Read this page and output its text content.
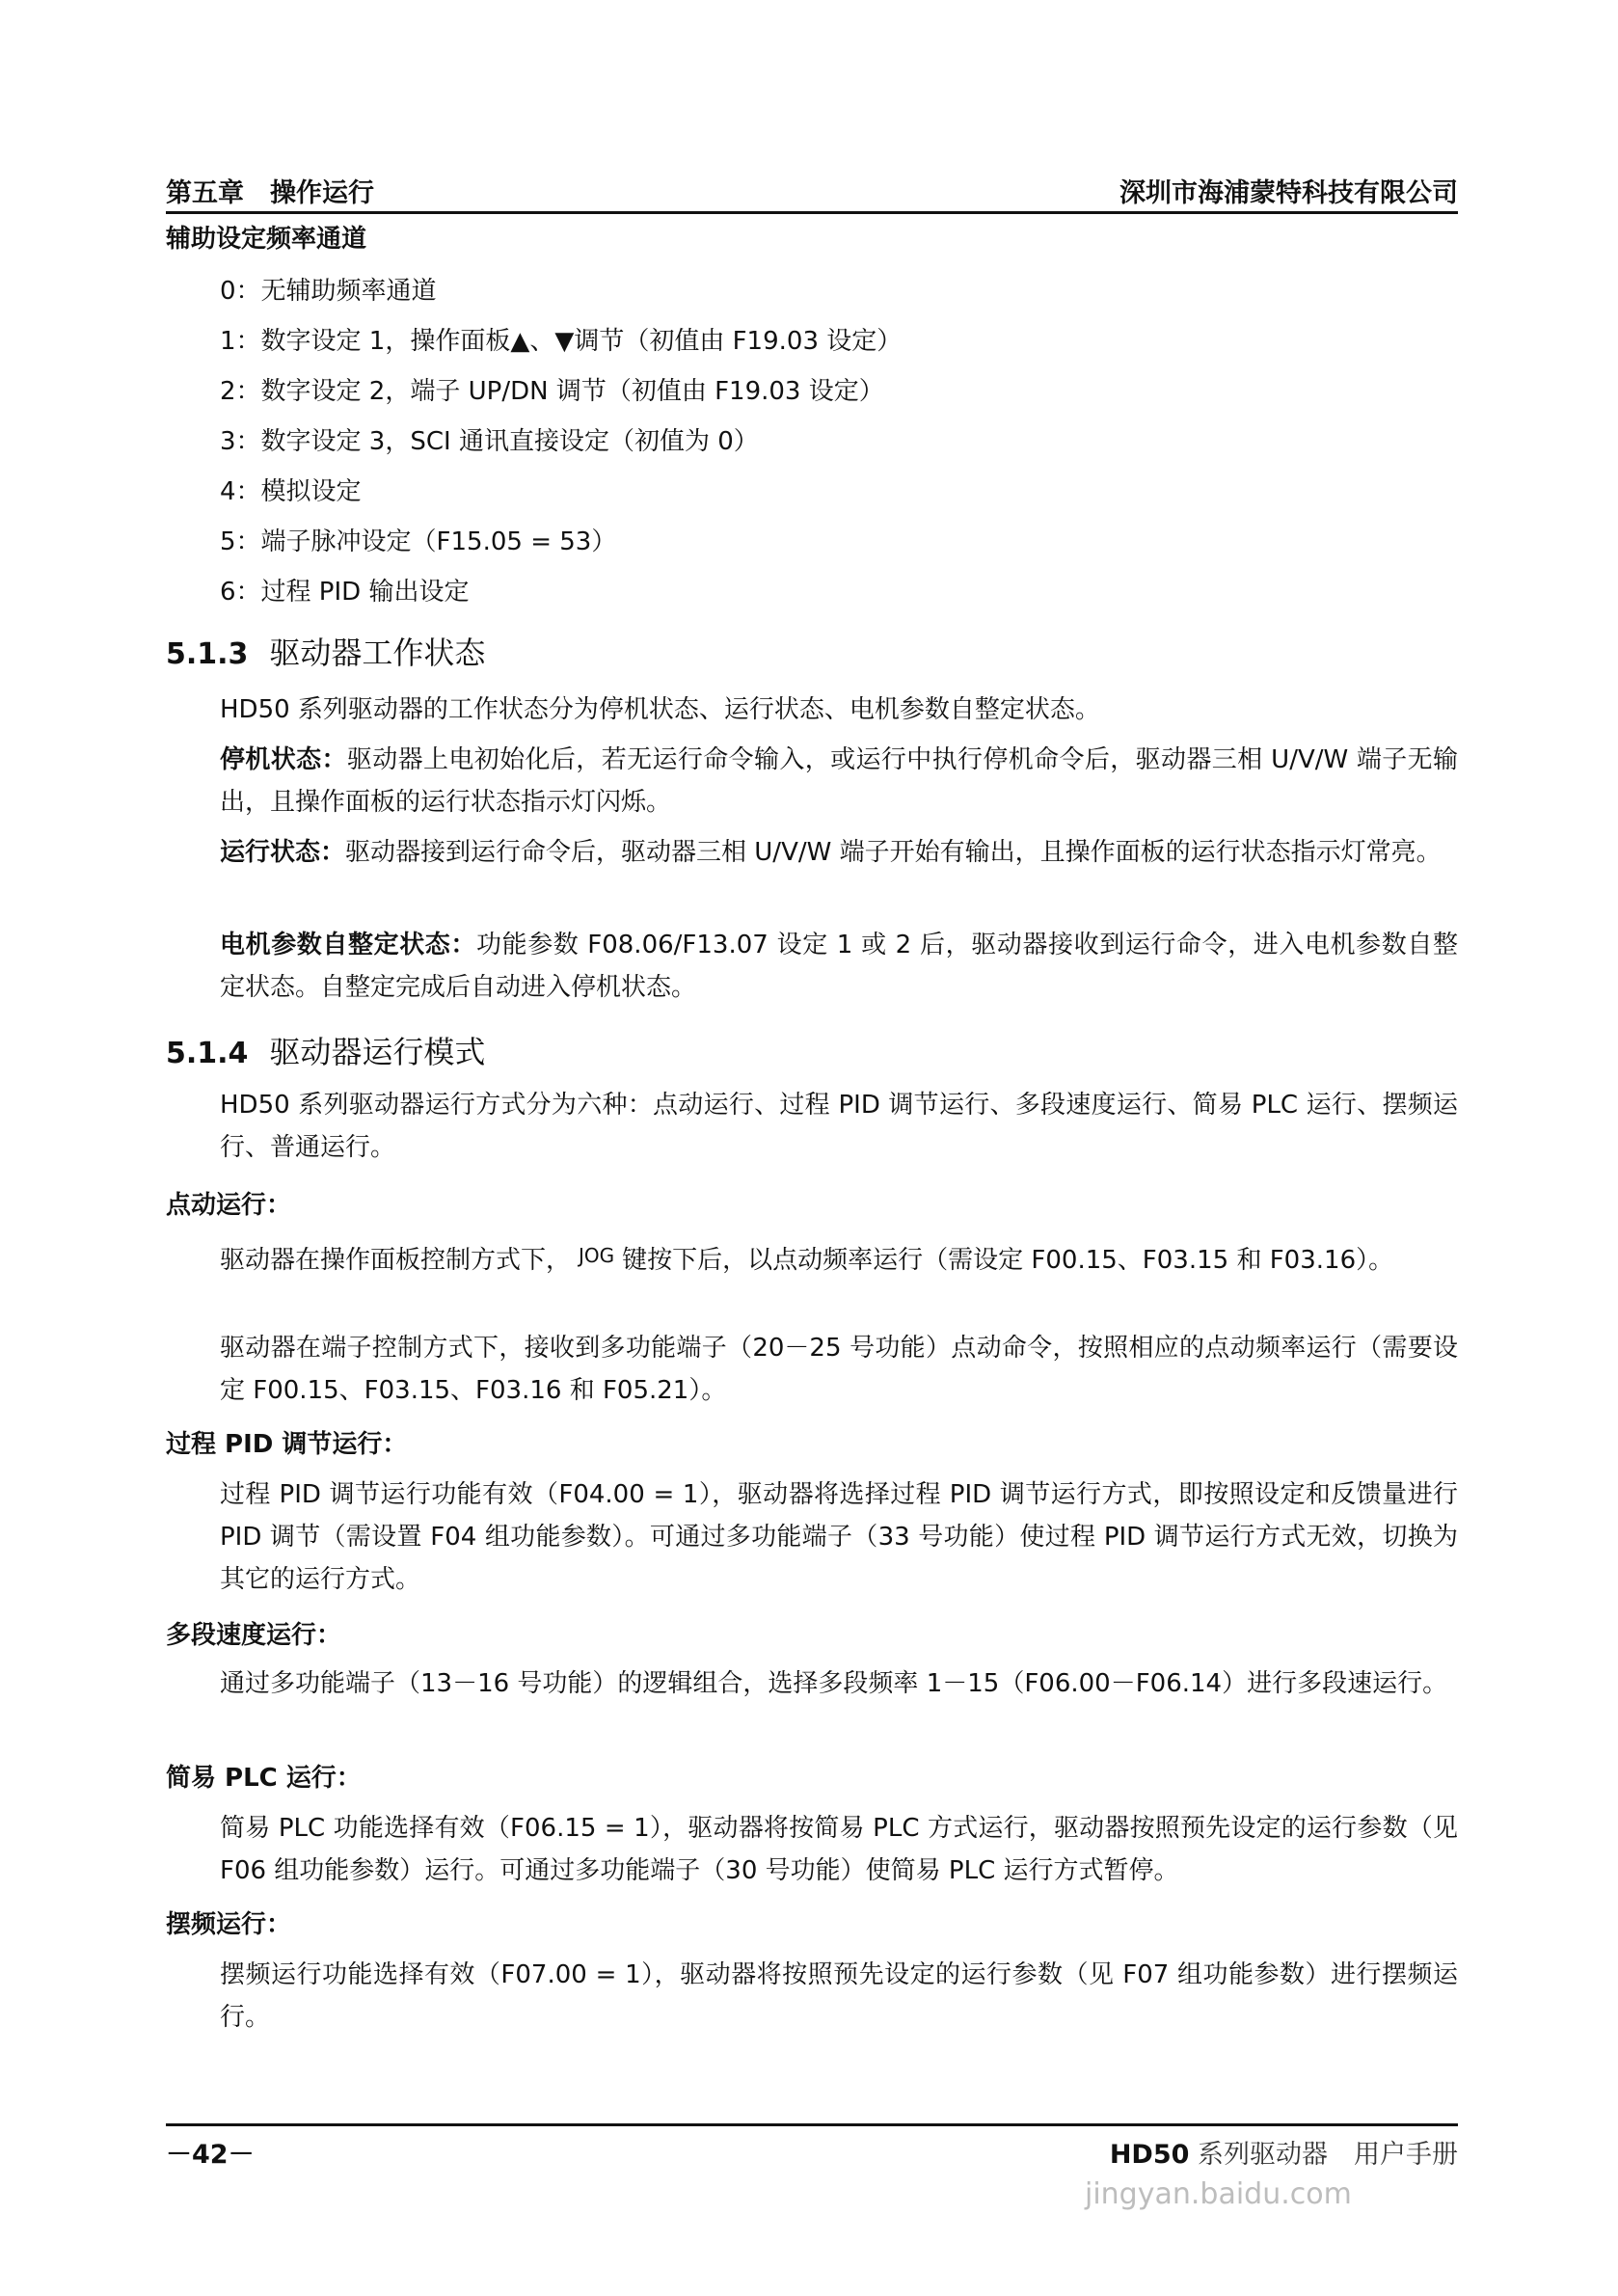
第五章　操作运行	深圳市海浦蒙特科技有限公司
辅助设定频率通道
0：无辅助频率通道
1：数字设定 1，操作面板▲、▼调节（初值由 F19.03 设定）
2：数字设定 2，端子 UP/DN 调节（初值由 F19.03 设定）
3：数字设定 3，SCI 通讯直接设定（初值为 0）
4：模拟设定
5：端子脉冲设定（F15.05 = 53）
6：过程 PID 输出设定
5.1.3 驱动器工作状态
HD50 系列驱动器的工作状态分为停机状态、运行状态、电机参数自整定状态。
停机状态：驱动器上电初始化后，若无运行命令输入，或运行中执行停机命令后，驱动器三相 U/V/W 端子无输出，且操作面板的运行状态指示灯闪烁。
运行状态：驱动器接到运行命令后，驱动器三相 U/V/W 端子开始有输出，且操作面板的运行状态指示灯常亮。
电机参数自整定状态：功能参数 F08.06/F13.07 设定 1 或 2 后，驱动器接收到运行命令，进入电机参数自整定状态。自整定完成后自动进入停机状态。
5.1.4 驱动器运行模式
HD50 系列驱动器运行方式分为六种：点动运行、过程 PID 调节运行、多段速度运行、简易 PLC 运行、摆频运行、普通运行。
点动运行：
驱动器在操作面板控制方式下， $^{JOG}$ 键按下后，以点动频率运行（需设定 F00.15、F03.15 和 F03.16）。
驱动器在端子控制方式下，接收到多功能端子（20－25 号功能）点动命令，按照相应的点动频率运行（需要设定 F00.15、F03.15、F03.16 和 F05.21）。
过程 PID 调节运行：
过程 PID 调节运行功能有效（F04.00 = 1），驱动器将选择过程 PID 调节运行方式，即按照设定和反馈量进行 PID 调节（需设置 F04 组功能参数）。可通过多功能端子（33 号功能）使过程 PID 调节运行方式无效，切换为其它的运行方式。
多段速度运行：
通过多功能端子（13－16 号功能）的逻辑组合，选择多段频率 1－15（F06.00－F06.14）进行多段速运行。
简易 PLC 运行：
简易 PLC 功能选择有效（F06.15 = 1），驱动器将按简易 PLC 方式运行，驱动器按照预先设定的运行参数（见 F06 组功能参数）运行。可通过多功能端子（30 号功能）使简易 PLC 运行方式暂停。
摆频运行：
摆频运行功能选择有效（F07.00 = 1），驱动器将按照预先设定的运行参数（见 F07 组功能参数）进行摆频运行。
－42－	HD50 系列驱动器　用户手册
jingyan.baidu.com
